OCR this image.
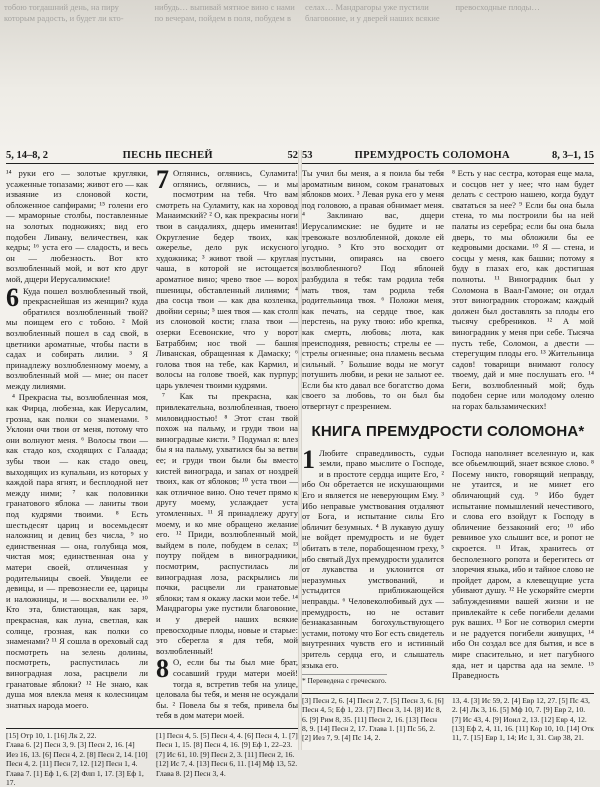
тобою тогдашний день, на пиру которым радость, и будет ли кто-нибудь… выпивай мятное вино с нами по вечерам, пойдем в поля, побудем в селах… Мандрагоры уже пустили благовоние, и у дверей наших всякие превосходные плоды…
5, 14–8, 2	ПЕСНЬ ПЕСНЕЙ	52

¹⁴ руки его — золотые кругляки, усаженные топазами; живот его — как изваяние из слоновой кости, обложенное сапфирами; ¹⁵ голени его — мраморные столбы, поставленные на золотых подножиях; вид его подобен Ливану, величествен, как кедры; ¹⁶ уста его — сладость, и весь он — любезность. Вот кто возлюбленный мой, и вот кто друг мой, дщери Иерусалимские!

6 Куда пошел возлюбленный твой, прекраснейшая из женщин? куда обратился возлюбленный твой? мы поищем его с тобою. ² Мой возлюбленный пошел в сад свой, в цветники ароматные, чтобы пасти в садах и собирать лилии. ³ Я принадлежу возлюбленному моему, а возлюбленный мой — мне; он пасет между лилиями.

⁴ Прекрасна ты, возлюбленная моя, как Фирца, любезна, как Иерусалим, грозна, как полки со знаменами. ⁵ Уклони очи твои от меня, потому что они волнуют меня. ⁶ Волосы твои — как стадо коз, сходящих с Галаада; зубы твои — как стадо овец, выходящих из купальни, из которых у каждой пара ягнят, и бесплодной нет между ними; ⁷ как половинки гранатового яблока — ланиты твои под кудрями твоими. ⁸ Есть шестьдесят цариц и восемьдесят наложниц и девиц без числа, ⁹ но единственная — она, голубица моя, чистая моя; единственная она у матери своей, отличенная у родительницы своей. Увидели ее девицы, и — превознесли ее, царицы и наложницы, и — восхвалили ее. ¹⁰ Кто эта, блистающая, как заря, прекрасная, как луна, светлая, как солнце, грозная, как полки со знаменами? ¹¹ Я сошла в ореховый сад посмотреть на зелень долины, посмотреть, распустилась ли виноградная лоза, расцвели ли гранатовые яблоки? ¹² Не знаю, как душа моя влекла меня к колесницам знатных народа моего.

7 Оглянись, оглянись, Суламита! оглянись, оглянись, — и мы посмотрим на тебя. Что вам смотреть на Суламиту, как на хоровод Манаимский? ² О, как прекрасны ноги твои в сандалиях, дщерь именитая! Округление бедер твоих, как ожерелье, дело рук искусного художника; ³ живот твой — круглая чаша, в которой не истощается ароматное вино; чрево твое — ворох пшеницы, обставленный лилиями; ⁴ два сосца твои — как два козленка, двойни серны; ⁵ шея твоя — как столп из слоновой кости; глаза твои — озерки Есевонские, что у ворот Батраббим; нос твой — башня Ливанская, обращенная к Дамаску; ⁶ голова твоя на тебе, как Кармил, и волосы на голове твоей, как пурпур; царь увлечен твоими кудрями.

⁷ Как ты прекрасна, как привлекательна, возлюбленная, твоею миловидностью! ⁸ Этот стан твой похож на пальму, и груди твои на виноградные кисти. ⁹ Подумал я: влез бы я на пальму, ухватился бы за ветви ее; и груди твои были бы вместо кистей винограда, и запах от ноздрей твоих, как от яблоков; ¹⁰ уста твои — как отличное вино. Оно течет прямо к другу моему, услаждает уста утомленных. ¹¹ Я принадлежу другу моему, и ко мне обращено желание его. ¹² Приди, возлюбленный мой, выйдем в поле, побудем в селах; ¹³ поутру пойдем в виноградники, посмотрим, распустилась ли виноградная лоза, раскрылись ли почки, расцвели ли гранатовые яблоки; там я окажу ласки мои тебе. ¹⁴ Мандрагоры уже пустили благовоние, и у дверей наших всякие превосходные плоды, новые и старые: это сберегла я для тебя, мой возлюбленный!

8 О, если бы ты был мне брат, сосавший груди матери моей! тогда я, встретив тебя на улице, целовала бы тебя, и меня не осуждали бы. ² Повела бы я тебя, привела бы тебя в дом матери моей.

[15] Отр 10, 1. [16] Лк 2, 22.
Глава 6. [2] Песн 3, 9. [3] Песн 2, 16. [4] Иез 16, 13. [6] Песн 4, 2. [8] Песн 2, 14. [10] Песн 4, 2. [11] Песн 7, 12. [12] Песн 1, 4. Глава 7. [1] Еф 1, 6. [2] Флп 1, 17. [3] Еф 1, 17.
[1] Песн 4, 5. [5] Песн 4, 4. [6] Песн 4, 1. [7] Песн 1, 15. [8] Песн 4, 16. [9] Еф 1, 22–23. [7] Ис 61, 10. [9] Песн 2, 3. [11] Песн 2, 16. [12] Ис 7, 4. [13] Песн 6, 11. [14] Мф 13, 52. Глава 8. [2] Песн 3, 4.
53	ПРЕМУДРОСТЬ СОЛОМОНА	8, 3–1, 15

Ты учил бы меня, а я поила бы тебя ароматным вином, соком гранатовых яблоков моих. ³ Левая рука его у меня под головою, а правая обнимает меня. ⁴ Заклинаю вас, дщери Иерусалимские: не будите и не тревожьте возлюбленной, доколе ей угодно. ⁵ Кто это восходит от пустыни, опираясь на своего возлюбленного? Под яблоней разбудила я тебя: там родила тебя мать твоя, там родила тебя родительница твоя. ⁶ Положи меня, как печать, на сердце твое, как перстень, на руку твою: ибо крепка, как смерть, любовь; люта, как преисподняя, ревность; стрелы ее — стрелы огненные; она пламень весьма сильный. ⁷ Большие воды не могут потушить любви, и реки не зальют ее. Если бы кто давал все богатство дома своего за любовь, то он был бы отвергнут с презрением.

⁸ Есть у нас сестра, которая еще мала, и сосцов нет у нее; что нам будет делать с сестрою нашею, когда будут свататься за нее? ⁹ Если бы она была стена, то мы построили бы на ней палаты из серебра; если бы она была дверь, то мы обложили бы ее кедровыми досками. ¹⁰ Я — стена, и сосцы у меня, как башни; потому я буду в глазах его, как достигшая полноты. ¹¹ Виноградник был у Соломона в Ваал-Гамоне; он отдал этот виноградник сторожам; каждый должен был доставлять за плоды его тысячу сребреников. ¹² А мой виноградник у меня при себе. Тысяча пусть тебе, Соломон, а двести — стерегущим плоды его. ¹³ Жительница садов! товарищи внимают голосу твоему, дай и мне послушать его. ¹⁴ Беги, возлюбленный мой; будь подобен серне или молодому оленю на горах бальзамических!

КНИГА ПРЕМУДРОСТИ СОЛОМОНА*

1 Любите справедливость, судьи земли, право мыслите о Господе, и в простоте сердца ищите Его, ² ибо Он обретается не искушающими Его и является не неверующим Ему. ³ Ибо неправые умствования отдаляют от Бога, и испытание силы Его обличит безумных. ⁴ В лукавую душу не войдет премудрость и не будет обитать в теле, порабощенном греху, ⁵ ибо святый Дух премудрости удалится от лукавства и уклонится от неразумных умствований, и устыдится приближающейся неправды. ⁶ Человеколюбивый дух — премудрость, но не оставит безнаказанным богохульствующего устами, потому что Бог есть свидетель внутренних чувств его и истинный зритель сердца его, и слышатель языка его.

* Переведена с греческого.

Господа наполняет вселенную и, как все обьемлющий, знает всякое слово. ⁸ Посему никто, говорящий неправду, не утаится, и не минет его обличающий суд. ⁹ Ибо будет испытание помышлений нечестивого, и слова его взойдут к Господу в обличение беззаконий его; ¹⁰ ибо ревнивое ухо слышит все, и ропот не скроется. ¹¹ Итак, хранитесь от бесполезного ропота и берегитесь от злоречия языка, ибо и тайное слово не пройдет даром, а клевещущие уста убивают душу. ¹² Не ускоряйте смерти заблуждениями вашей жизни и не привлекайте к себе погибели делами рук ваших. ¹³ Бог не сотворил смерти и не радуется погибели живущих, ¹⁴ ибо Он создал все для бытия, и все в мире спасительно, и нет пагубного яда, нет и царства ада на земле. ¹⁵ Праведность

[3] Песн 2, 6. [4] Песн 2, 7. [5] Песн 3, 6. [6] Песн 4, 5; Еф 1, 23. [7] Песн 3, 14. [8] Ис 8, 6. [9] Рим 8, 35. [11] Песн 2, 16. [13] Песн 8, 9. [14] Песн 2, 17. Глава 1. [1] Пс 56, 2. [2] Иез 7, 9. [4] Пс 14, 2.
13, 4. [3] Ис 59, 2. [4] Евр 12, 27. [5] Пс 43, 2. [4] Лк 3, 16. [5] Мф 10, 7. [9] Евр 2, 10. [7] Ис 43, 4. [9] Иоил 2, 13. [12] Евр 4, 12. [13] Еф 2, 4, 11, 16. [11] Кор 10, 10. [14] Отк 11, 7. [15] Евр 1, 14; Ис 1, 31. Сир 38, 21.
